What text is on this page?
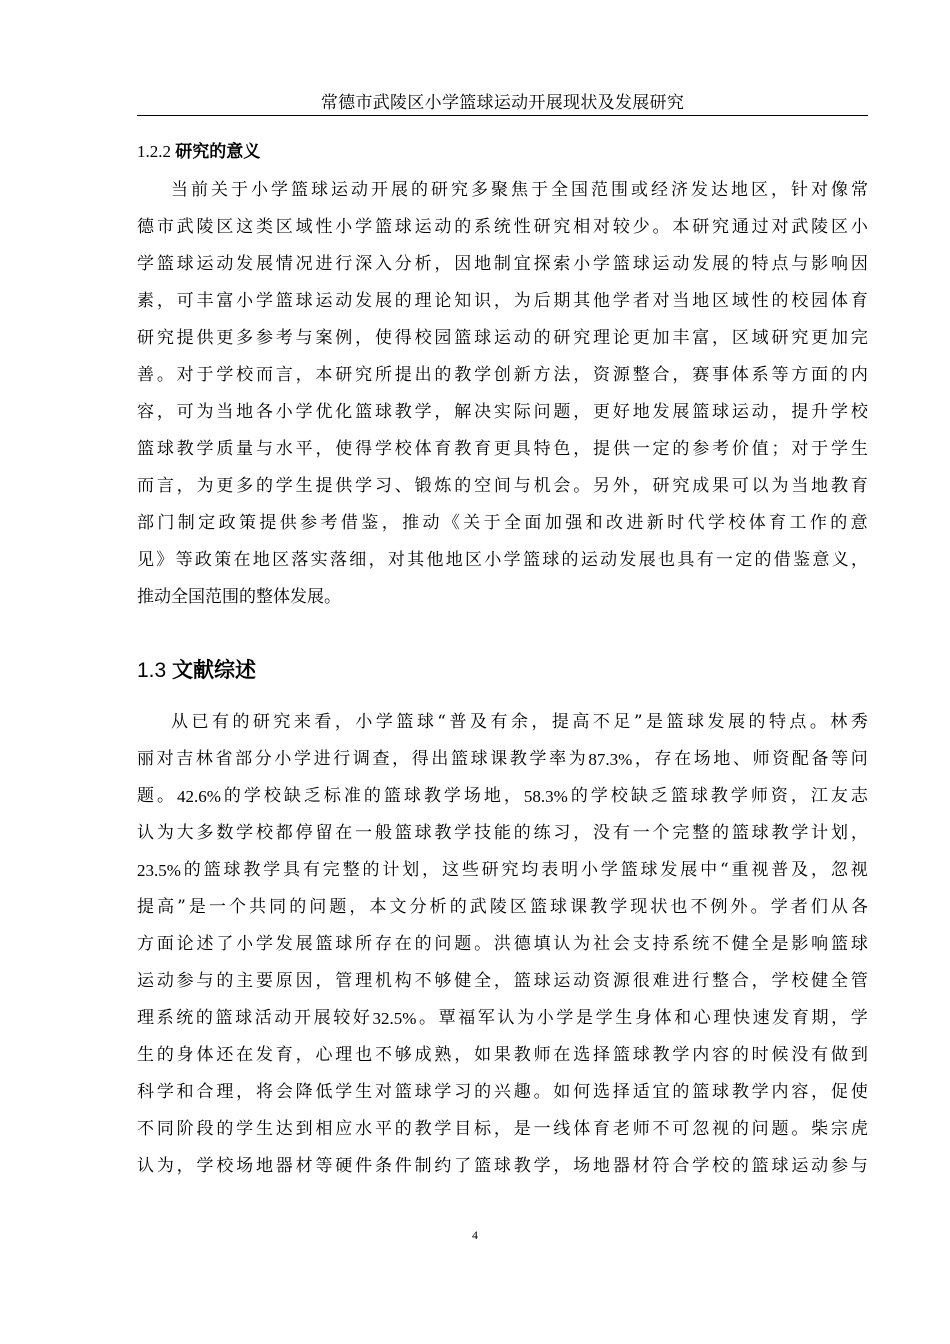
常德市武陵区小学篮球运动开展现状及发展研究
1.2.2 研究的意义
当 前 关 于 小 学 篮 球 运 动 开 展 的 研 究 多 聚 焦 于 全 国 范 围 或 经 济 发 达 地 区 ， 针 对 像 常
德 市 武 陵 区 这 类 区 域 性 小 学 篮 球 运 动 的 系 统 性 研 究 相 对 较 少 。 本 研 究 通 过 对 武 陵 区 小
学 篮 球 运 动 发 展 情 况 进 行 深 入 分 析 ， 因 地 制 宜 探 索 小 学 篮 球 运 动 发 展 的 特 点 与 影 响 因
素 ， 可 丰 富 小 学 篮 球 运 动 发 展 的 理 论 知 识 ， 为 后 期 其 他 学 者 对 当 地 区 域 性 的 校 园 体 育
研 究 提 供 更 多 参 考 与 案 例 ， 使 得 校 园 篮 球 运 动 的 研 究 理 论 更 加 丰 富 ， 区 域 研 究 更 加 完
善 。 对 于 学 校 而 言 ， 本 研 究 所 提 出 的 教 学 创 新 方 法 ， 资 源 整 合 ， 赛 事 体 系 等 方 面 的 内
容 ， 可 为 当 地 各 小 学 优 化 篮 球 教 学 ， 解 决 实 际 问 题 ， 更 好 地 发 展 篮 球 运 动 ， 提 升 学 校
篮 球 教 学 质 量 与 水 平 ， 使 得 学 校 体 育 教 育 更 具 特 色 ， 提 供 一 定 的 参 考 价 值 ； 对 于 学 生
而 言 ， 为 更 多 的 学 生 提 供 学 习 、 锻 炼 的 空 间 与 机 会 。 另 外 ， 研 究 成 果 可 以 为 当 地 教 育
部 门 制 定 政 策 提 供 参 考 借 鉴 ， 推 动 《 关 于 全 面 加 强 和 改 进 新 时 代 学 校 体 育 工 作 的 意
见 》 等 政 策 在 地 区 落 实 落 细 ， 对 其 他 地 区 小 学 篮 球 的 运 动 发 展 也 具 有 一 定 的 借 鉴 意 义 ，
推动全国范围的整体发展。
1.3 文献综述
从 已 有 的 研 究 来 看 ， 小 学 篮 球 “ 普 及 有 余 ， 提 高 不 足 ” 是 篮 球 发 展 的 特 点 。 林 秀
丽 对 吉 林 省 部 分 小 学 进 行 调 查 ， 得 出 篮 球 课 教 学 率 为 87.3% ， 存 在 场 地 、 师 资 配 备 等 问
题 。 42.6% 的 学 校 缺 乏 标 准 的 篮 球 教 学 场 地 ， 58.3% 的 学 校 缺 乏 篮 球 教 学 师 资 ， 江 友 志
认 为 大 多 数 学 校 都 停 留 在 一 般 篮 球 教 学 技 能 的 练 习 ， 没 有 一 个 完 整 的 篮 球 教 学 计 划 ，
23.5% 的 篮 球 教 学 具 有 完 整 的 计 划 ， 这 些 研 究 均 表 明 小 学 篮 球 发 展 中 “ 重 视 普 及 ， 忽 视
提 高 ” 是 一 个 共 同 的 问 题 ， 本 文 分 析 的 武 陵 区 篮 球 课 教 学 现 状 也 不 例 外 。 学 者 们 从 各
方 面 论 述 了 小 学 发 展 篮 球 所 存 在 的 问 题 。 洪 德 填 认 为 社 会 支 持 系 统 不 健 全 是 影 响 篮 球
运 动 参 与 的 主 要 原 因 ， 管 理 机 构 不 够 健 全 ， 篮 球 运 动 资 源 很 难 进 行 整 合 ， 学 校 健 全 管
理 系 统 的 篮 球 活 动 开 展 较 好 32.5% 。 覃 福 军 认 为 小 学 是 学 生 身 体 和 心 理 快 速 发 育 期 ， 学
生 的 身 体 还 在 发 育 ， 心 理 也 不 够 成 熟 ， 如 果 教 师 在 选 择 篮 球 教 学 内 容 的 时 候 没 有 做 到
科 学 和 合 理 ， 将 会 降 低 学 生 对 篮 球 学 习 的 兴 趣 。 如 何 选 择 适 宜 的 篮 球 教 学 内 容 ， 促 使
不 同 阶 段 的 学 生 达 到 相 应 水 平 的 教 学 目 标 ， 是 一 线 体 育 老 师 不 可 忽 视 的 问 题 。 柴 宗 虎
认 为 ， 学 校 场 地 器 材 等 硬 件 条 件 制 约 了 篮 球 教 学 ， 场 地 器 材 符 合 学 校 的 篮 球 运 动 参 与
4
